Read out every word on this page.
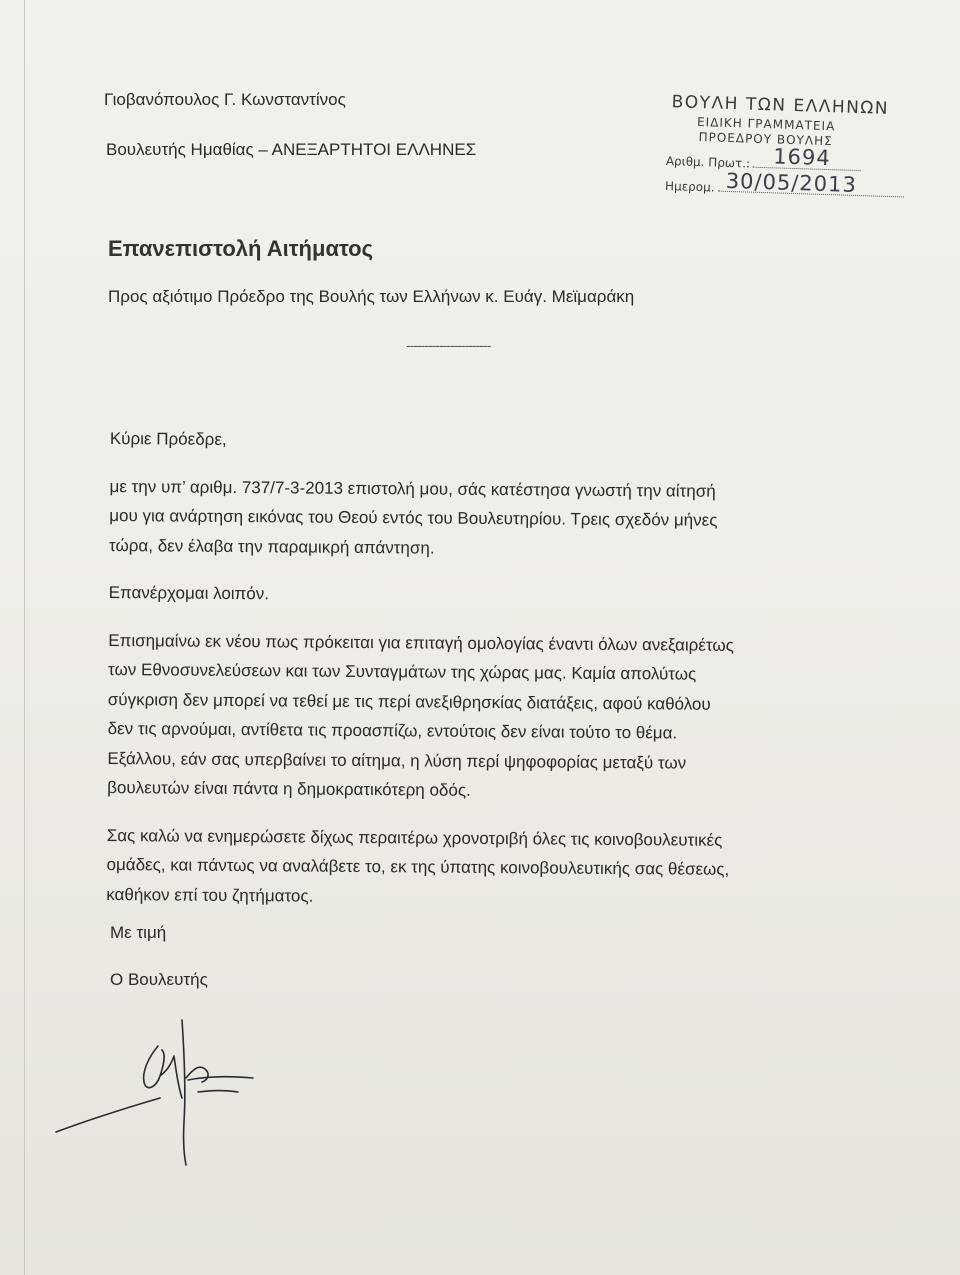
Γιοβανόπουλος Γ. Κωνσταντίνος
Βουλευτής Ημαθίας – ΑΝΕΞΑΡΤΗΤΟΙ ΕΛΛΗΝΕΣ
ΒΟΥΛΗ ΤΩΝ ΕΛΛΗΝΩΝ
ΕΙΔΙΚΗ ΓΡΑΜΜΑΤΕΙΑ
ΠΡΟΕΔΡΟΥ ΒΟΥΛΗΣ
Αριθμ. Πρωτ.: 1694
Ημερομ. 30/05/2013
Επανεπιστολή Αιτήματος
Προς αξιότιμο Πρόεδρο της Βουλής των Ελλήνων κ. Ευάγ. Μεϊμαράκη
-----------------------

Κύριε Πρόεδρε,

με την υπ’ αριθμ. 737/7-3-2013 επιστολή μου, σάς κατέστησα γνωστή την αίτησή

μου για ανάρτηση εικόνας του Θεού εντός του Βουλευτηρίου. Τρεις σχεδόν μήνες

τώρα, δεν έλαβα την παραμικρή απάντηση.

Επανέρχομαι λοιπόν.

Επισημαίνω εκ νέου πως πρόκειται για επιταγή ομολογίας έναντι όλων ανεξαιρέτως

των Εθνοσυνελεύσεων και των Συνταγμάτων της χώρας μας. Καμία απολύτως

σύγκριση δεν μπορεί να τεθεί με τις περί ανεξιθρησκίας διατάξεις, αφού καθόλου

δεν τις αρνούμαι, αντίθετα τις προασπίζω, εντούτοις δεν είναι τούτο το θέμα.

Εξάλλου, εάν σας υπερβαίνει το αίτημα, η λύση περί ψηφοφορίας μεταξύ των

βουλευτών είναι πάντα η δημοκρατικότερη οδός.

Σας καλώ να ενημερώσετε δίχως περαιτέρω χρονοτριβή όλες τις κοινοβουλευτικές

ομάδες, και πάντως να αναλάβετε το, εκ της ύπατης κοινοβουλευτικής σας θέσεως,

καθήκον επί του ζητήματος.

Με τιμή
Ο Βουλευτής
